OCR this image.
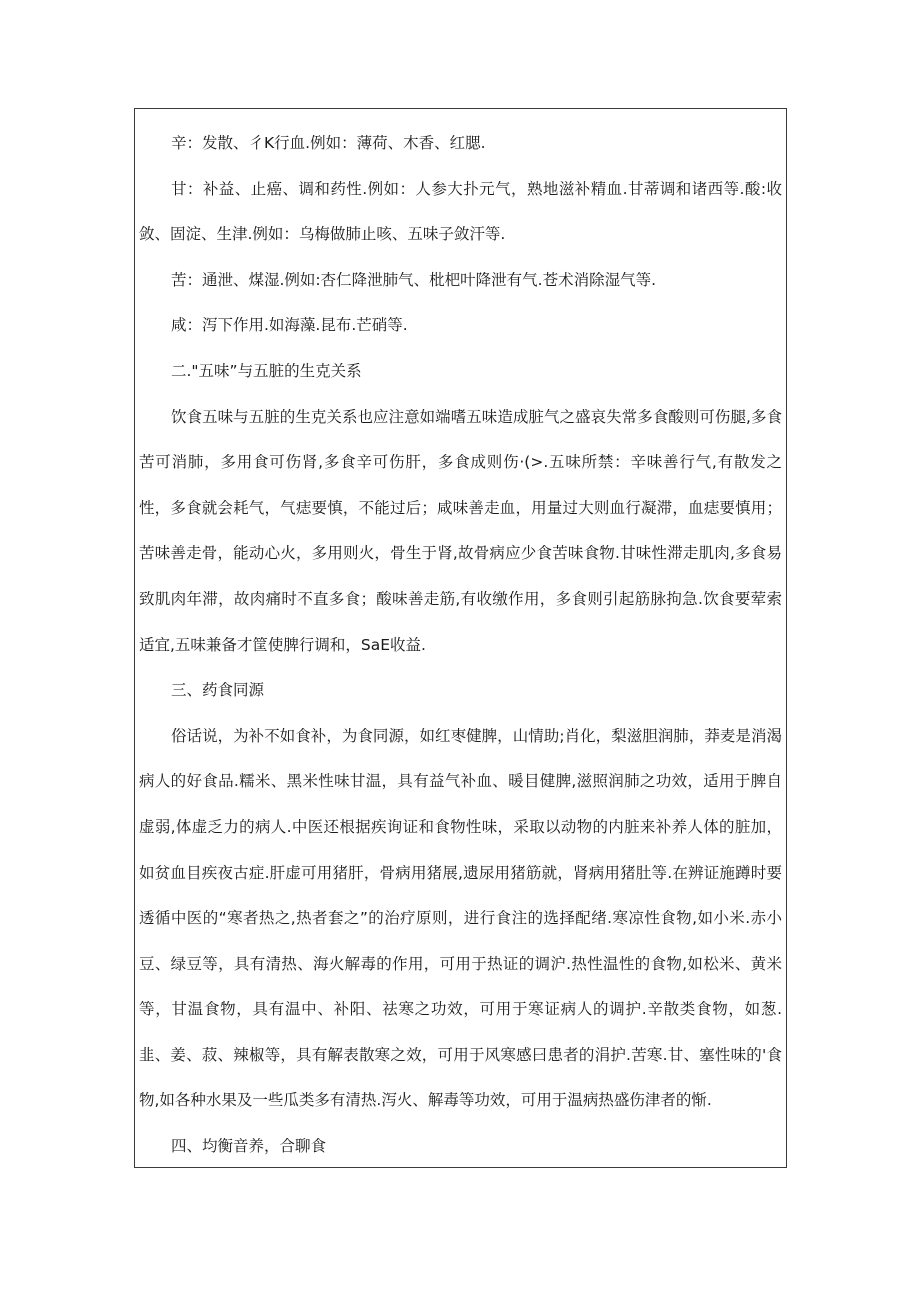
辛：发散、彳K行血.例如：薄荷、木香、红腮.

甘：补益、止癌、调和药性.例如：人参大扑元气，熟地滋补精血.甘蒂调和诸西等.酸:收敛、固淀、生津.例如：乌梅做肺止咳、五味子敛汗等.

苦：通泄、煤湿.例如:杏仁降泄肺气、枇杷叶降泄有气.苍术消除湿气等.

咸：泻下作用.如海藻.昆布.芒硝等.

二."五味”与五脏的生克关系

饮食五味与五脏的生克关系也应注意如端嗜五味造成脏气之盛哀失常多食酸则可伤腿,多食苦可消肺，多用食可伤肾,多食辛可伤肝，多食成则伤·(>.五味所禁：辛味善行气,有散发之性，多食就会耗气，气痣要慎，不能过后；咸味善走血，用量过大则血行凝滞，血痣要慎用；苦味善走骨，能动心火，多用则火，骨生于肾,故骨病应少食苦味食物.甘味性滞走肌肉,多食易致肌肉年滞，故肉痛时不直多食；酸味善走筋,有收缴作用，多食则引起筋脉拘急.饮食要荤索适宜,五味兼备才筐使脾行调和，SaE收益.

三、药食同源

俗话说，为补不如食补，为食同源，如红枣健脾，山情助;肖化，梨滋胆润肺，莽麦是消渴病人的好食品.糯米、黑米性味甘温，具有益气补血、暖目健脾,滋照润肺之功效，适用于脾自虚弱,体虚乏力的病人.中医还根据疾询证和食物性味，采取以动物的内脏来补养人体的脏加，如贫血目疾夜古症.肝虚可用猪肝，骨病用猪展,遗尿用猪筋就，肾病用猪肚等.在辨证施蹲时要透循中医的“寒者热之,热者套之”的治疗原则，进行食注的选择配绪.寒凉性食物,如小米.赤小豆、绿豆等，具有清热、海火解毒的作用，可用于热证的调沪.热性温性的食物,如松米、黄米等，甘温食物，具有温中、补阳、祛寒之功效，可用于寒证病人的调护.辛散类食物，如葱.韭、姜、菽、辣椒等，具有解表散寒之效，可用于风寒感曰患者的涓护.苦寒.甘、塞性味的'食物,如各种水果及一些瓜类多有清热.泻火、解毒等功效，可用于温病热盛伤津者的惭.

四、均衡音养，合聊食
